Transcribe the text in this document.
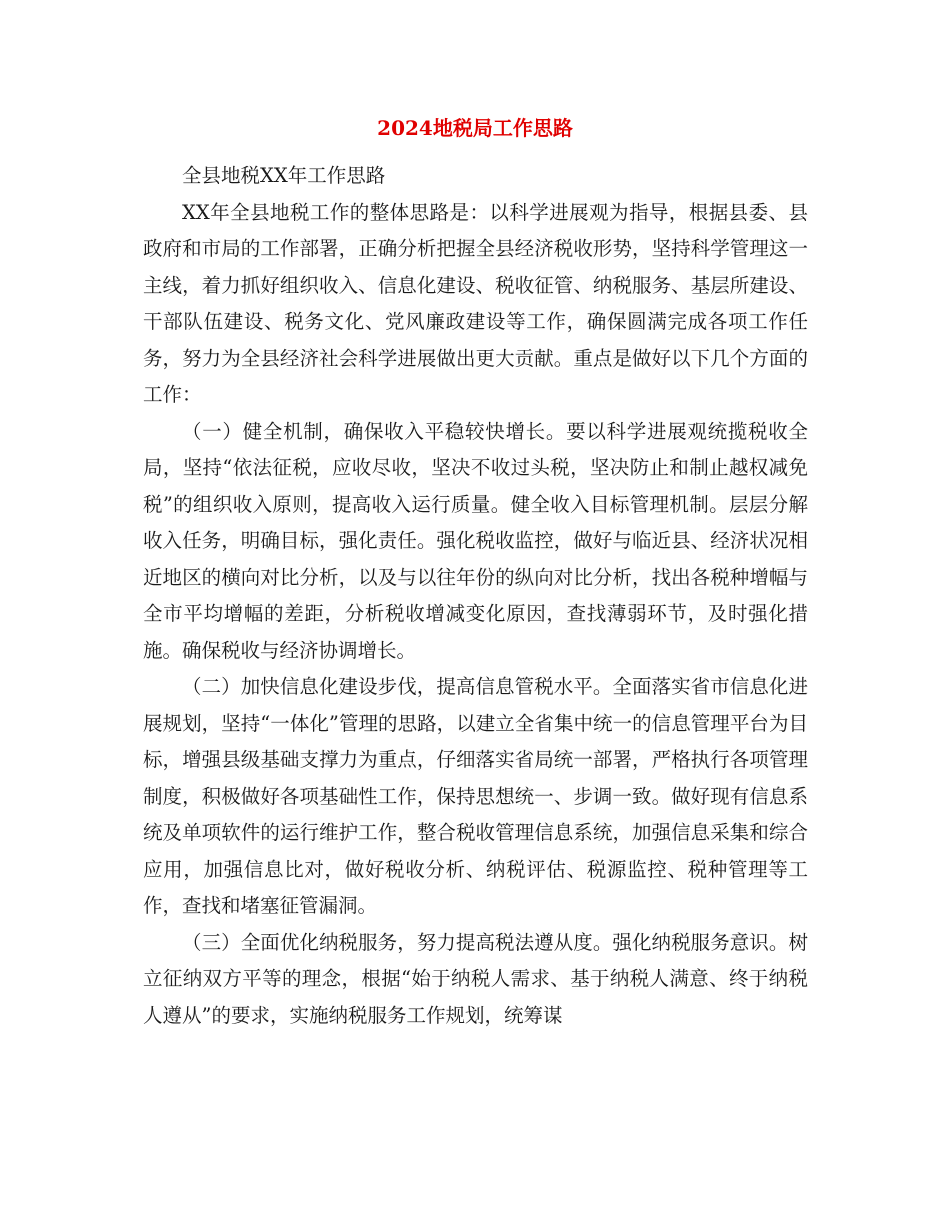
2024地税局工作思路

全县地税XX年工作思路

XX年全县地税工作的整体思路是：以科学进展观为指导，根据县委、县政府和市局的工作部署，正确分析把握全县经济税收形势，坚持科学管理这一主线，着力抓好组织收入、信息化建设、税收征管、纳税服务、基层所建设、干部队伍建设、税务文化、党风廉政建设等工作，确保圆满完成各项工作任务，努力为全县经济社会科学进展做出更大贡献。重点是做好以下几个方面的工作：

（一）健全机制，确保收入平稳较快增长。要以科学进展观统揽税收全局，坚持“依法征税，应收尽收，坚决不收过头税，坚决防止和制止越权减免税”的组织收入原则，提高收入运行质量。健全收入目标管理机制。层层分解收入任务，明确目标，强化责任。强化税收监控，做好与临近县、经济状况相近地区的横向对比分析，以及与以往年份的纵向对比分析，找出各税种增幅与全市平均增幅的差距，分析税收增减变化原因，查找薄弱环节，及时强化措施。确保税收与经济协调增长。

（二）加快信息化建设步伐，提高信息管税水平。全面落实省市信息化进展规划，坚持“一体化”管理的思路，以建立全省集中统一的信息管理平台为目标，增强县级基础支撑力为重点，仔细落实省局统一部署，严格执行各项管理制度，积极做好各项基础性工作，保持思想统一、步调一致。做好现有信息系统及单项软件的运行维护工作，整合税收管理信息系统，加强信息采集和综合应用，加强信息比对，做好税收分析、纳税评估、税源监控、税种管理等工作，查找和堵塞征管漏洞。

（三）全面优化纳税服务，努力提高税法遵从度。强化纳税服务意识。树立征纳双方平等的理念，根据“始于纳税人需求、基于纳税人满意、终于纳税人遵从”的要求，实施纳税服务工作规划，统筹谋
